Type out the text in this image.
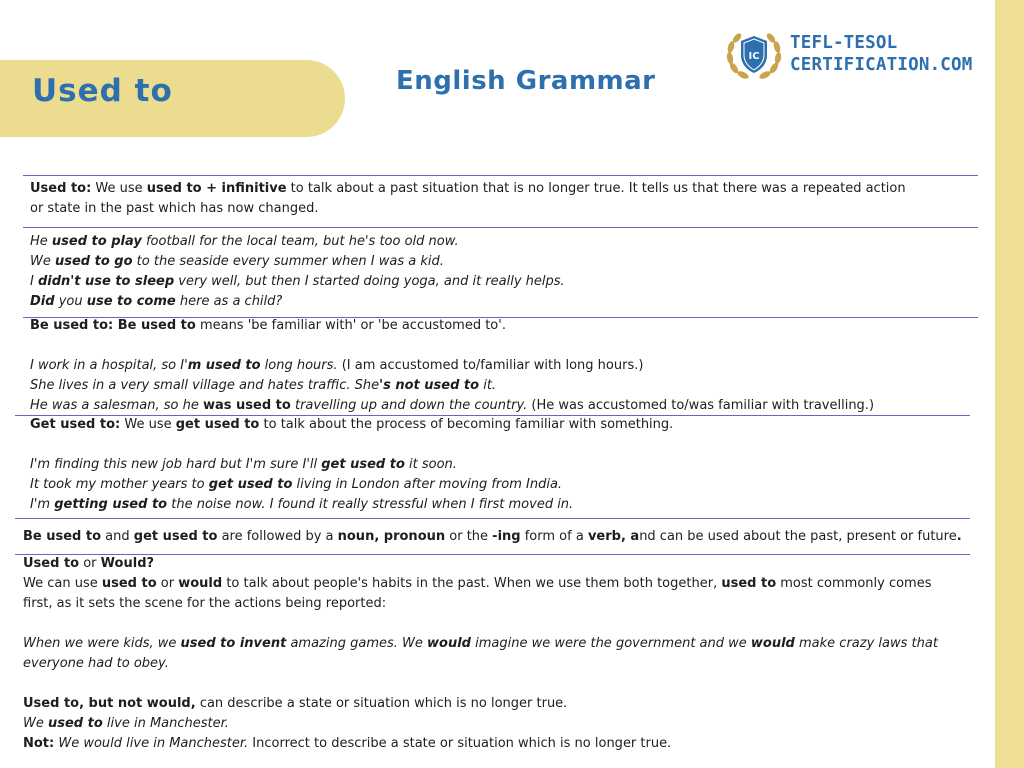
Used to	English Grammar
IC
TEFL-TESOL
CERTIFICATION.COM
Used to: We use used to + infinitive to talk about a past situation that is no longer true. It tells us that there was a repeated action
or state in the past which has now changed.
He used to play football for the local team, but he's too old now.
We used to go to the seaside every summer when I was a kid.
I didn't use to sleep very well, but then I started doing yoga, and it really helps.
Did you use to come here as a child?
Be used to: Be used to means 'be familiar with' or 'be accustomed to'.
I work in a hospital, so I'm used to long hours. (I am accustomed to/familiar with long hours.)
She lives in a very small village and hates traffic. She's not used to it.
He was a salesman, so he was used to travelling up and down the country. (He was accustomed to/was familiar with travelling.)
Get used to: We use get used to to talk about the process of becoming familiar with something.
I'm finding this new job hard but I'm sure I'll get used to it soon.
It took my mother years to get used to living in London after moving from India.
I'm getting used to the noise now. I found it really stressful when I first moved in.
Be used to and get used to are followed by a noun, pronoun or the -ing form of a verb, and can be used about the past, present or future.
Used to or Would?
We can use used to or would to talk about people's habits in the past. When we use them both together, used to most commonly comes
first, as it sets the scene for the actions being reported:
When we were kids, we used to invent amazing games. We would imagine we were the government and we would make crazy laws that
everyone had to obey.
Used to, but not would, can describe a state or situation which is no longer true.
We used to live in Manchester.
Not: We would live in Manchester. Incorrect to describe a state or situation which is no longer true.
